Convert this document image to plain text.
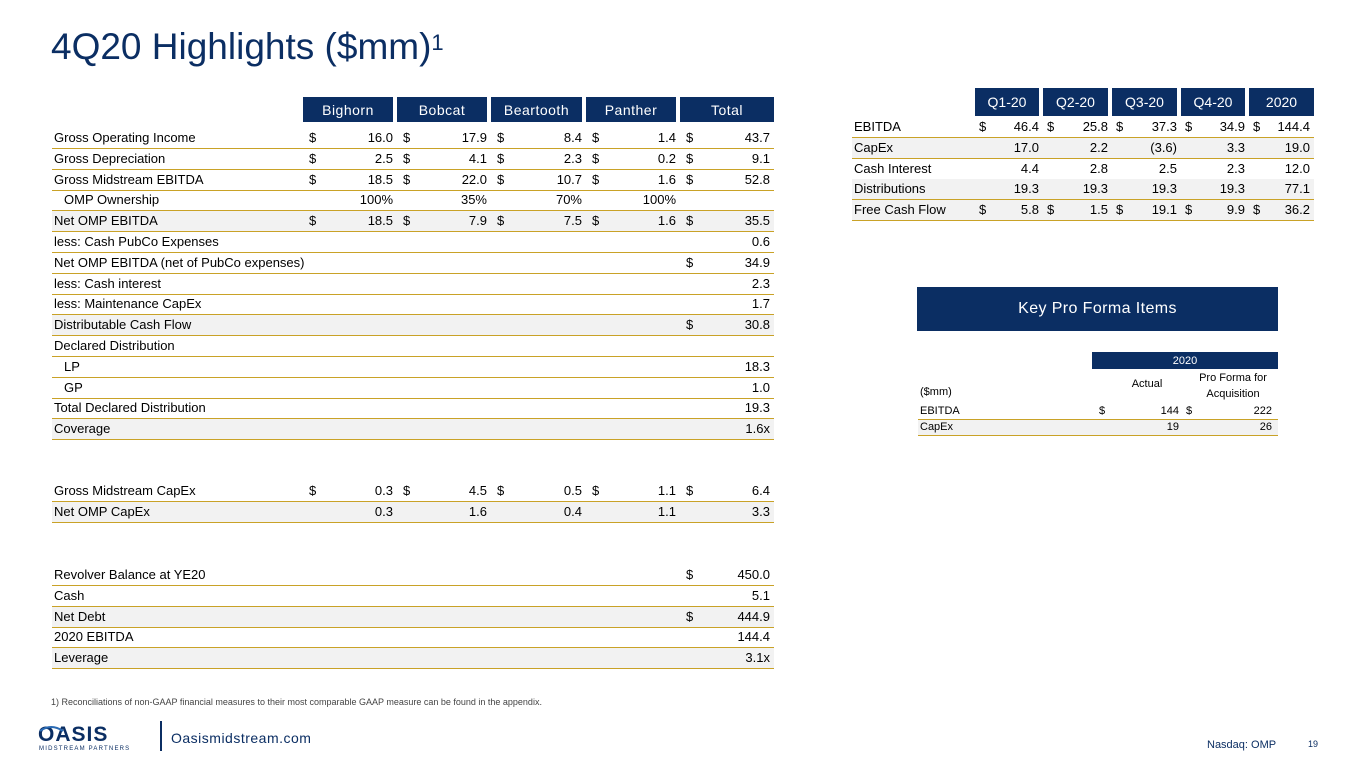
4Q20 Highlights ($mm)$^1$
Bighorn	Bobcat	Beartooth	Panther	Total
Gross Operating Income	$	16.0 $	17.9 $	8.4 $	1.4 $	43.7
Gross Depreciation	$	2.5 $	4.1 $	2.3 $	0.2 $	9.1
Gross Midstream EBITDA	$	18.5 $	22.0 $	10.7 $	1.6 $	52.8
OMP Ownership	100%	35%	70%	100%
Net OMP EBITDA	$	18.5 $	7.9 $	7.5 $	1.6 $	35.5
less: Cash PubCo Expenses	0.6
Net OMP EBITDA (net of PubCo expenses)	$	34.9
less: Cash interest	2.3
less: Maintenance CapEx	1.7
Distributable Cash Flow	$	30.8
Declared Distribution
LP	18.3
GP	1.0
Total Declared Distribution	19.3
Coverage	1.6x
Gross Midstream CapEx	$	0.3 $	4.5 $	0.5 $	1.1 $	6.4
Net OMP CapEx	0.3	1.6	0.4	1.1	3.3
Revolver Balance at YE20	$	450.0
Cash	5.1
Net Debt	$	444.9
2020 EBITDA	144.4
Leverage	3.1x
Q1-20	Q2-20	Q3-20	Q4-20	2020
EBITDA	$ 46.4 $ 25.8 $ 37.3 $ 34.9 $ 144.4
CapEx	17.0	2.2	(3.6)	3.3	19.0
Cash Interest	4.4	2.8	2.5	2.3	12.0
Distributions	19.3	19.3	19.3	19.3	77.1
Free Cash Flow	$	5.8 $	1.5 $ 19.1 $	9.9 $ 36.2
Key Pro Forma Items
2020
($mm)
Actual	Pro Forma for
Acquisition
EBITDA	$	144 $	222
CapEx	19	26
1) Reconciliations of non-GAAP financial measures to their most comparable GAAP measure can be found in the appendix.
OASIS
MIDSTREAM PARTNERS
Oasismidstream.com	Nasdaq: OMP	19
